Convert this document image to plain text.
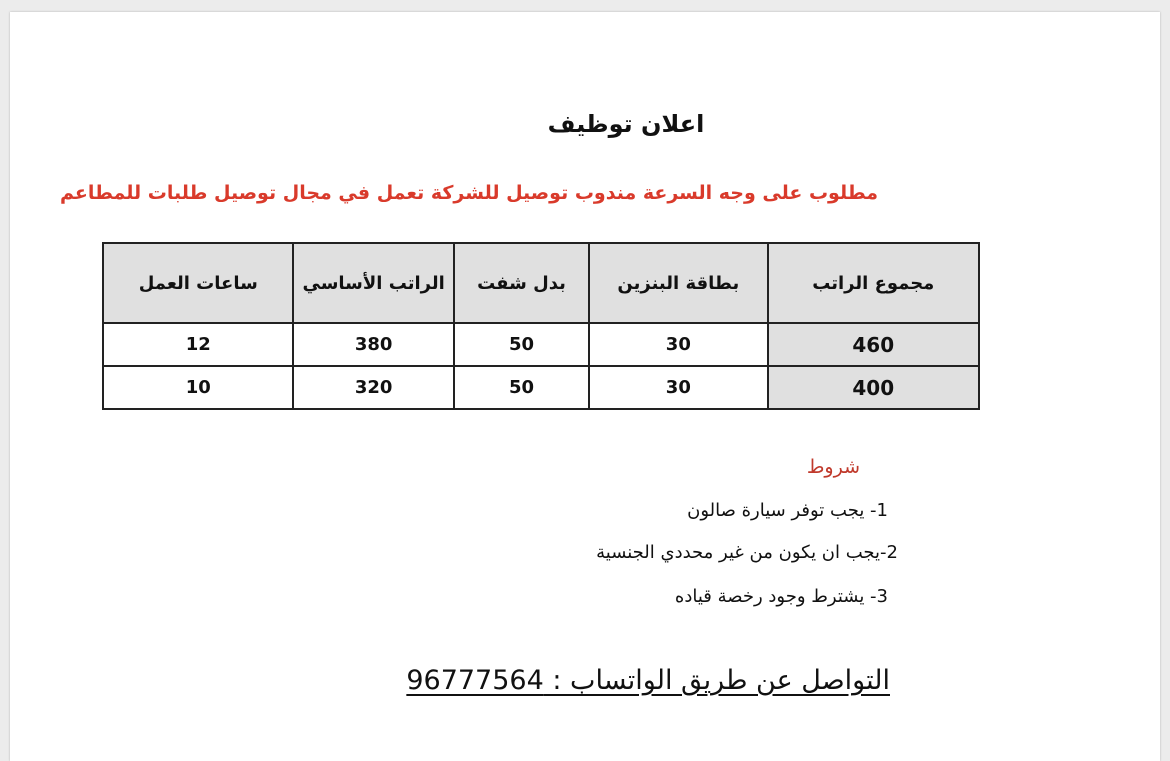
اعلان توظيف
مطلوب على وجه السرعة مندوب توصيل للشركة تعمل في مجال توصيل طلبات للمطاعم
مجموع الراتب	بطاقة البنزين	بدل شفت	الراتب الأساسي	ساعات العمل
460	30	50	380	12
400	30	50	320	10
شروط
1- يجب توفر سيارة صالون
2-يجب ان يكون من غير محددي الجنسية
3- يشترط وجود رخصة قياده
التواصل عن طريق الواتساب : 96777564
